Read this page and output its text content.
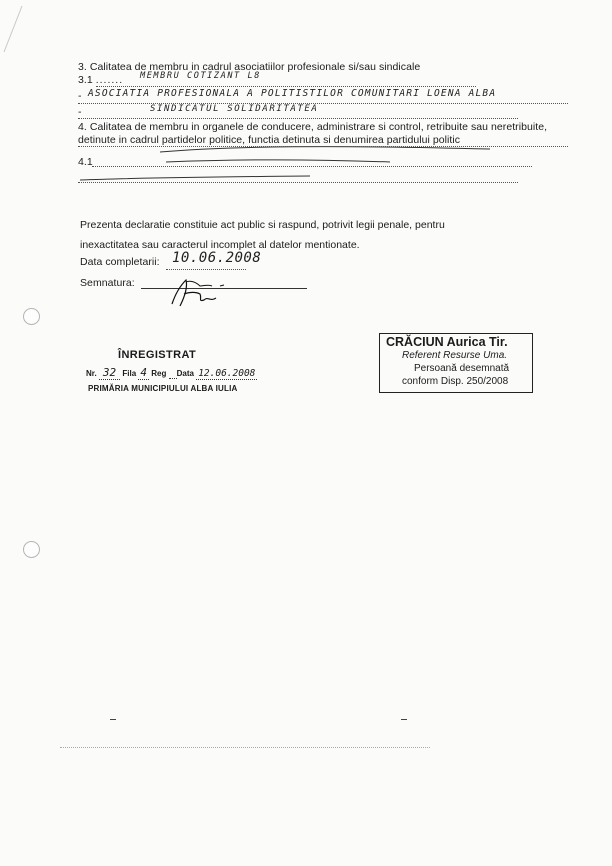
3. Calitatea de membru in cadrul asociatiilor profesionale si/sau sindicale
3.1 ....... MEMBRU COTIZANT L8
- ASOCIATIA PROFESIONALA A POLITISTILOR COMUNITARI LOENA ALBA
-	SINDICATUL SOLIDARITATEA
4. Calitatea de membru in organele de conducere, administrare si control, retribuite sau neretribuite,
detinute in cadrul partidelor politice, functia detinuta si denumirea partidului politic
4.1
Prezenta declaratie constituie act public si raspund, potrivit legii penale, pentru
inexactitatea sau caracterul incomplet al datelor mentionate.
Data completarii: 10.06.2008
Semnatura:
ÎNREGISTRAT
Nr. 32 Fila 4 Reg Data 12.06.2008
PRIMĂRIA MUNICIPIULUI ALBA IULIA
CRĂCIUN Aurica Tir.
Referent Resurse Uma.
Persoană desemnată
conform Disp. 250/2008
